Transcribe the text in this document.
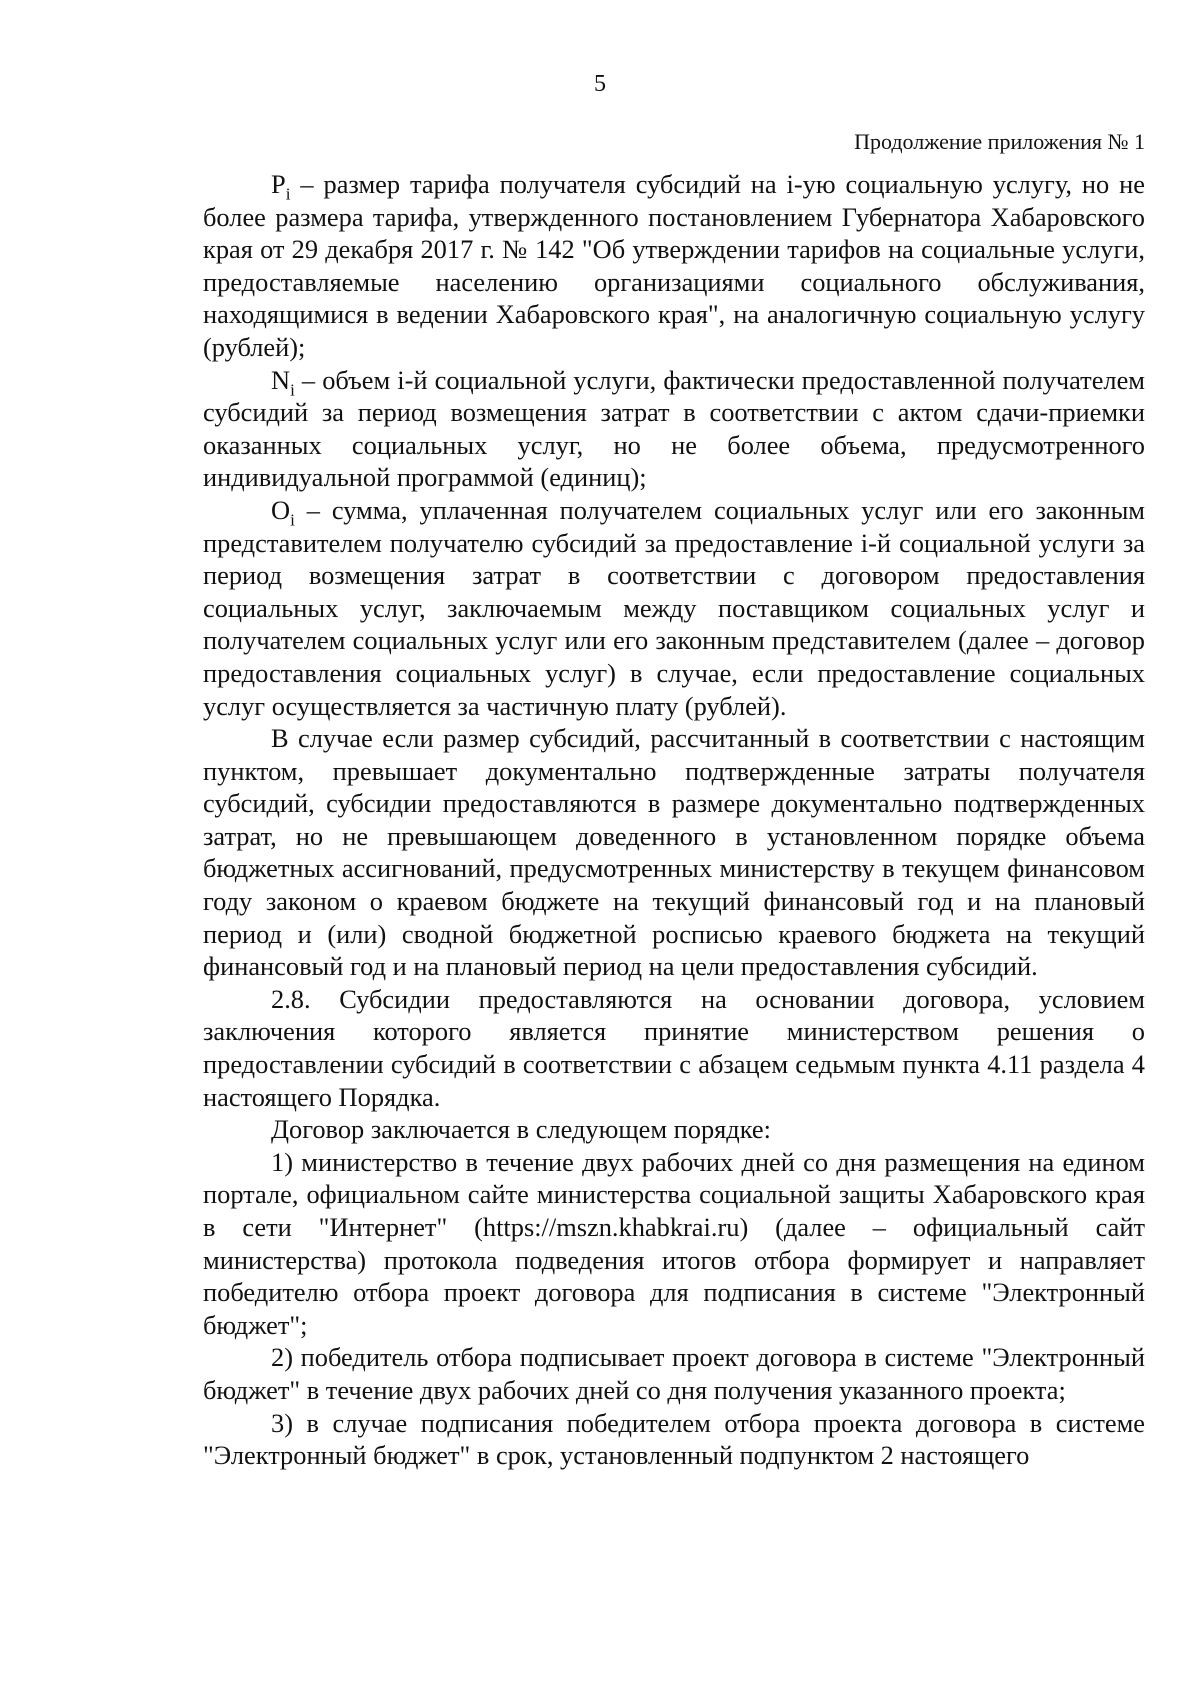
5

Продолжение приложения № 1

$P_i$ – размер тарифа получателя субсидий на i-ую социальную услугу, но не более размера тарифа, утвержденного постановлением Губернатора Хабаровского края от 29 декабря 2017 г. № 142 "Об утверждении тарифов на социальные услуги, предоставляемые населению организациями социального обслуживания, находящимися в ведении Хабаровского края", на аналогичную социальную услугу (рублей);

$N_i$ – объем i-й социальной услуги, фактически предоставленной получателем субсидий за период возмещения затрат в соответствии с актом сдачи-приемки оказанных социальных услуг, но не более объема, предусмотренного индивидуальной программой (единиц);

$O_i$ – сумма, уплаченная получателем социальных услуг или его законным представителем получателю субсидий за предоставление i-й социальной услуги за период возмещения затрат в соответствии с договором предоставления социальных услуг, заключаемым между поставщиком социальных услуг и получателем социальных услуг или его законным представителем (далее – договор предоставления социальных услуг) в случае, если предоставление социальных услуг осуществляется за частичную плату (рублей).

В случае если размер субсидий, рассчитанный в соответствии с настоящим пунктом, превышает документально подтвержденные затраты получателя субсидий, субсидии предоставляются в размере документально подтвержденных затрат, но не превышающем доведенного в установленном порядке объема бюджетных ассигнований, предусмотренных министерству в текущем финансовом году законом о краевом бюджете на текущий финансовый год и на плановый период и (или) сводной бюджетной росписью краевого бюджета на текущий финансовый год и на плановый период на цели предоставления субсидий.

2.8. Субсидии предоставляются на основании договора, условием заключения которого является принятие министерством решения о предоставлении субсидий в соответствии с абзацем седьмым пункта 4.11 раздела 4 настоящего Порядка.

Договор заключается в следующем порядке:

1) министерство в течение двух рабочих дней со дня размещения на едином портале, официальном сайте министерства социальной защиты Хабаровского края в сети "Интернет" (https://mszn.khabkrai.ru) (далее – официальный сайт министерства) протокола подведения итогов отбора формирует и направляет победителю отбора проект договора для подписания в системе "Электронный бюджет";

2) победитель отбора подписывает проект договора в системе "Электронный бюджет" в течение двух рабочих дней со дня получения указанного проекта;

3) в случае подписания победителем отбора проекта договора в системе "Электронный бюджет" в срок, установленный подпунктом 2 настоящего
